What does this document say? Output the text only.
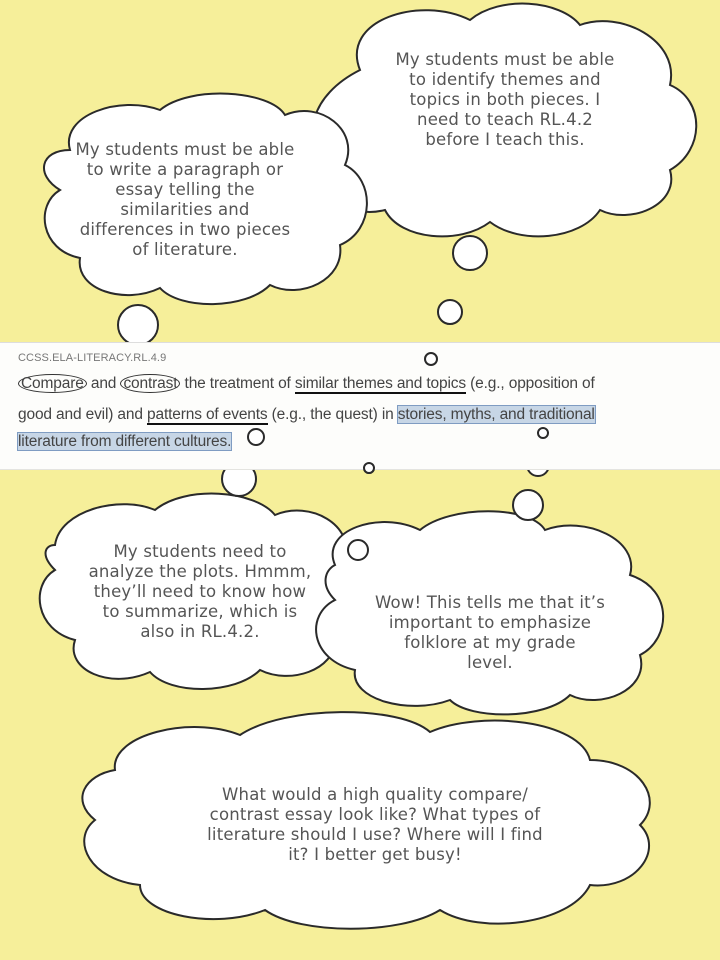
CCSS.ELA-LITERACY.RL.4.9
Compare and contrast the treatment of similar themes and topics (e.g., opposition of
good and evil) and patterns of events (e.g., the quest) in stories, myths, and traditional
literature from different cultures.
My students must be able
to identify themes and
topics in both pieces. I
need to teach RL.4.2
before I teach this.
My students must be able
to write a paragraph or
essay telling the
similarities and
differences in two pieces
of literature.
My students need to
analyze the plots. Hmmm,
they’ll need to know how
to summarize, which is
also in RL.4.2.
Wow! This tells me that it’s
important to emphasize
folklore at my grade
level.
What would a high quality compare/
contrast essay look like? What types of
literature should I use? Where will I find
it? I better get busy!
